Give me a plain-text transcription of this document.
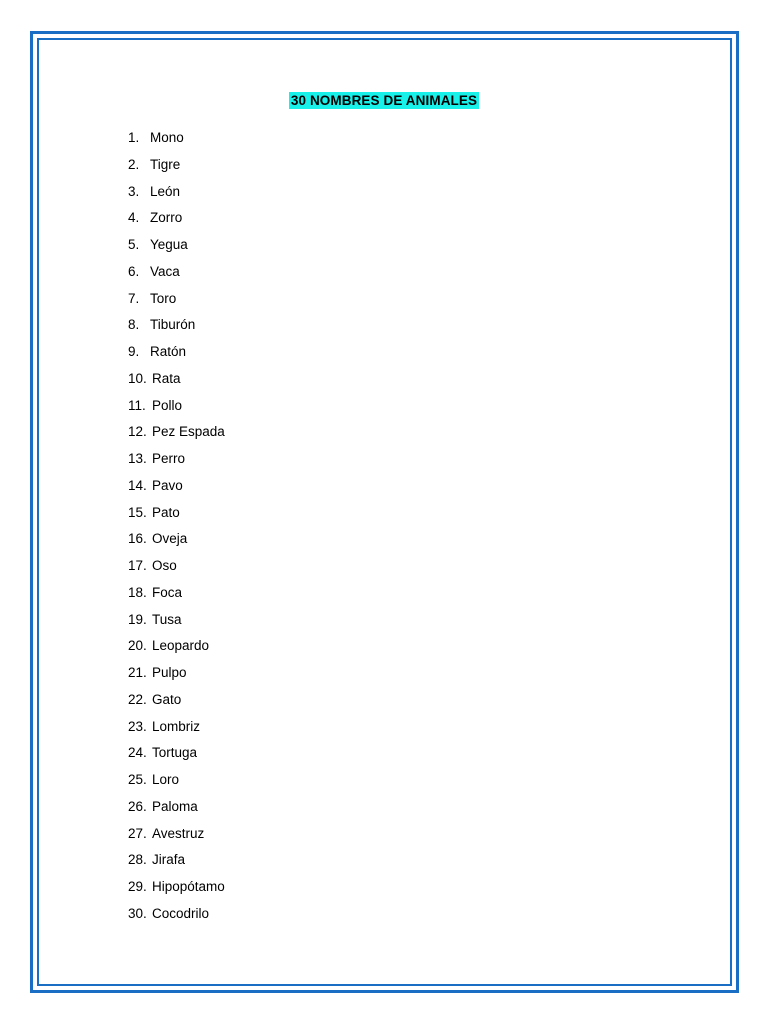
30 NOMBRES DE ANIMALES
1. Mono
2. Tigre
3. León
4. Zorro
5. Yegua
6. Vaca
7. Toro
8. Tiburón
9. Ratón
10. Rata
11. Pollo
12. Pez Espada
13. Perro
14. Pavo
15. Pato
16. Oveja
17. Oso
18. Foca
19. Tusa
20. Leopardo
21. Pulpo
22. Gato
23. Lombriz
24. Tortuga
25. Loro
26. Paloma
27. Avestruz
28. Jirafa
29. Hipopótamo
30. Cocodrilo
